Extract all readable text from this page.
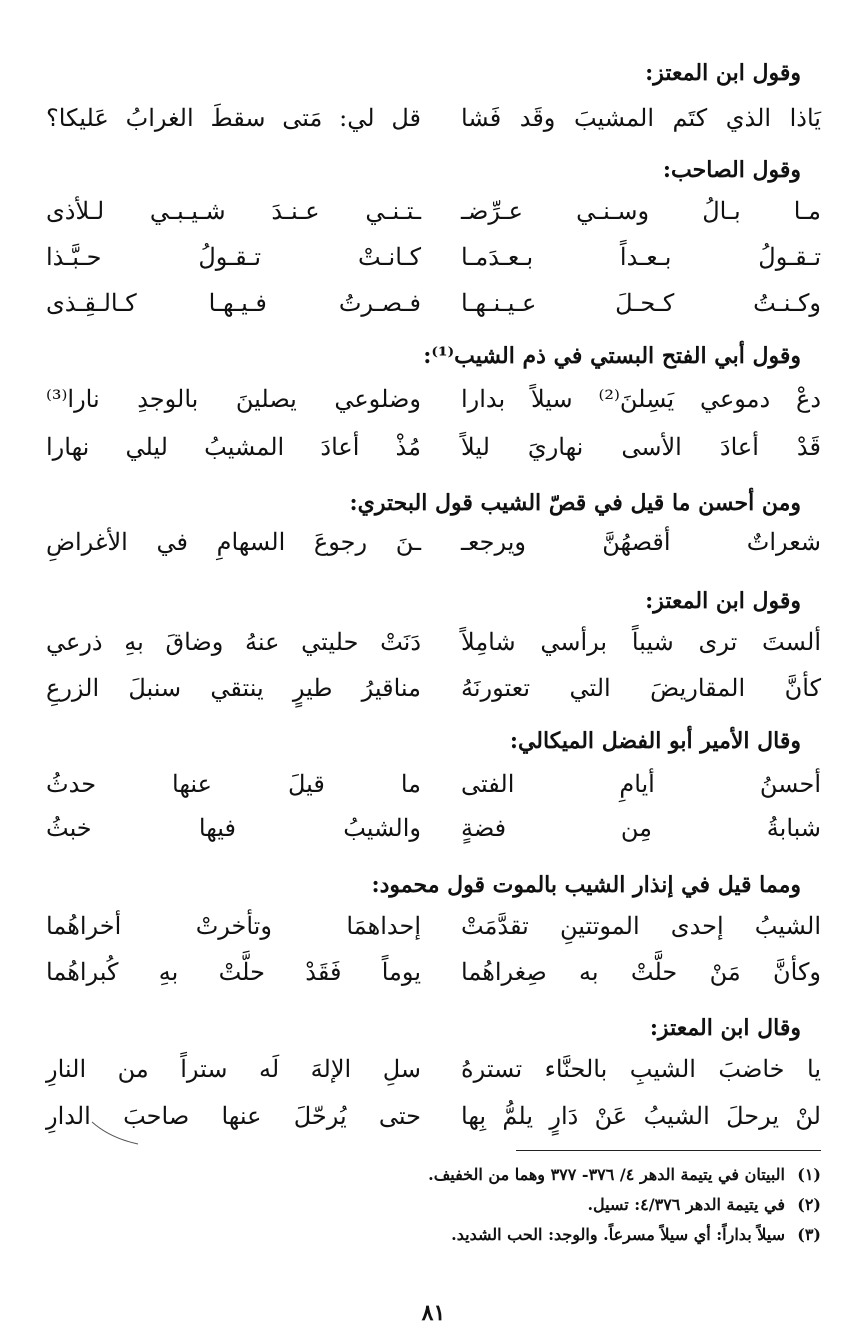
وقول ابن المعتز:
يَاذا الذي كتَم المشيبَ وقَد فَشا
قل لي: مَتى سقطَ الغرابُ عَليكا؟
وقول الصاحب:
مـا بـالُ وسـنـي عـرِّضـ
ـتـنـي عـنـدَ شـيـبـي لـلأذى
تـقـولُ بـعـداً بـعـدَمـا
كـانـتْ تـقـولُ حـبَّـذا
وكـنـتُ كـحـلَ عـيـنـهـا
فـصـرتُ فـيـهـا كـالـقِـذى
وقول أبي الفتح البستي في ذم الشيب⁽¹⁾:
دعْ دموعي يَسِلنَ⁽²⁾ سيلاً بدارا
وضلوعي يصلينَ بالوجدِ نارا⁽³⁾
قَدْ أعادَ الأسى نهاريَ ليلاً
مُذْ أعادَ المشيبُ ليلي نهارا
ومن أحسن ما قيل في قصّ الشيب قول البحتري:
شعراتٌ أقصهُنَّ ويرجعـ
ـنَ رجوعَ السهامِ في الأغراضِ
وقول ابن المعتز:
ألستَ ترى شيباً برأسي شامِلاً
دَنَتْ حليتي عنهُ وضاقَ بهِ ذرعي
كأنَّ المقاريضَ التي تعتورنَهُ
مناقيرُ طيرٍ ينتقي سنبلَ الزرعِ
وقال الأمير أبو الفضل الميكالي:
أحسنُ أيامِ الفتى
ما قيلَ عنها حدثُ
شبابةُ مِن فضةٍ
والشيبُ فيها خبثُ
ومما قيل في إنذار الشيب بالموت قول محمود:
الشيبُ إحدى الموتتينِ تقدَّمَتْ
إحداهمَا وتأخرتْ أخراهُما
وكأنَّ مَنْ حلَّتْ به صِغراهُما
يوماً فَقَدْ حلَّتْ بهِ كُبراهُما
وقال ابن المعتز:
يا خاضبَ الشيبِ بالحنَّاء تسترهُ
سلِ الإلهَ لَه ستراً من النارِ
لنْ يرحلَ الشيبُ عَنْ دَارٍ يلمُّ بِها
حتى يُرحّلَ عنها صاحبَ الدارِ
(١)البيتان في يتيمة الدهر ٤/ ٣٧٦- ٣٧٧ وهما من الخفيف.
(٢)في يتيمة الدهر ٤/٣٧٦: تسيل.
(٣)سيلاً بداراً: أي سيلاً مسرعاً. والوجد: الحب الشديد.
٨١
